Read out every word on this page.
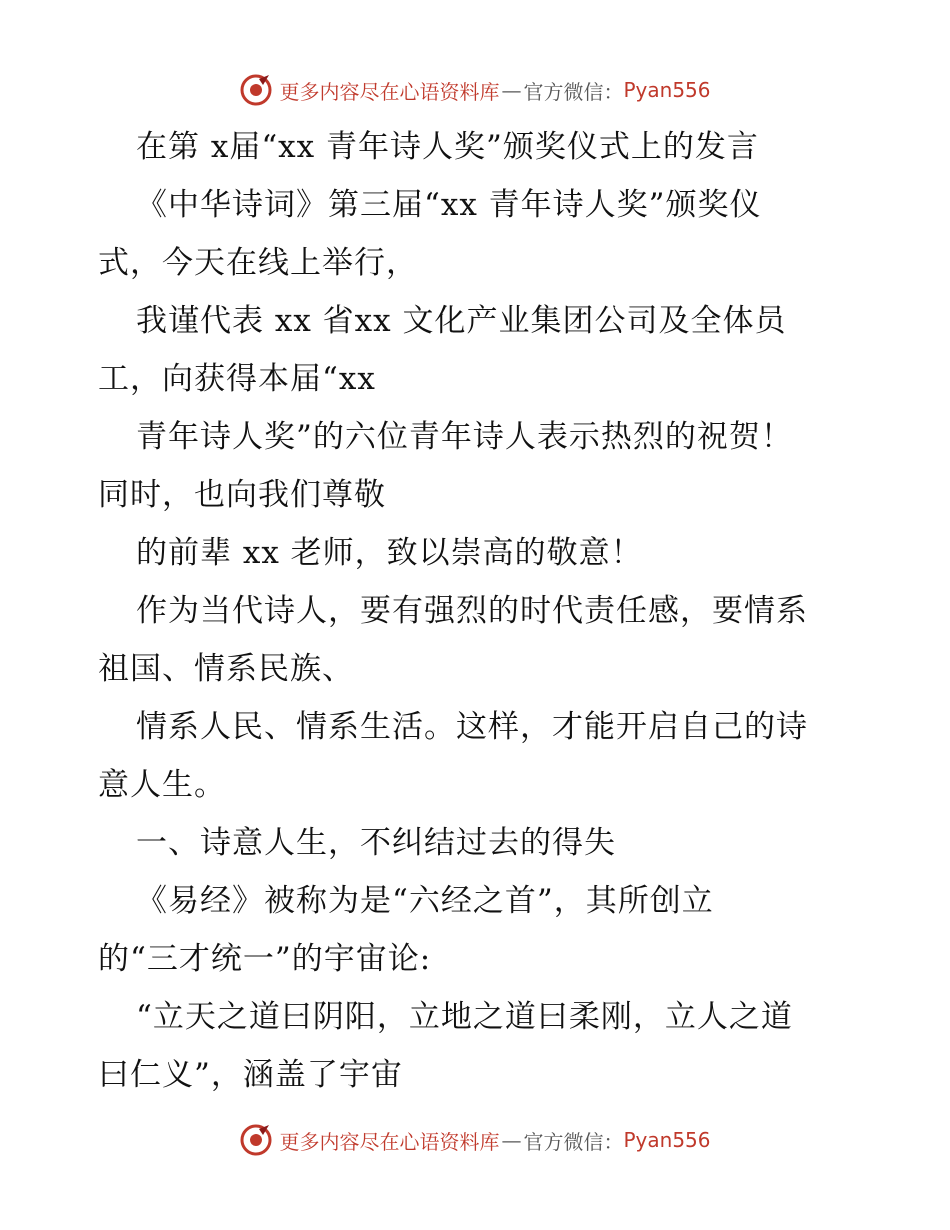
更多内容尽在心语资料库 — 官方微信： Pyan556
在第 x届“xx 青年诗人奖”颁奖仪式上的发言
《中华诗词》第三届“xx 青年诗人奖”颁奖仪
式，今天在线上举行，
我谨代表 xx 省xx 文化产业集团公司及全体员
工，向获得本届“xx
青年诗人奖”的六位青年诗人表示热烈的祝贺！
同时，也向我们尊敬
的前辈 xx 老师，致以崇高的敬意！
作为当代诗人，要有强烈的时代责任感，要情系
祖国、情系民族、
情系人民、情系生活。这样，才能开启自己的诗
意人生。
一、诗意人生，不纠结过去的得失
《易经》被称为是“六经之首”，其所创立
的“三才统一”的宇宙论:
“立天之道曰阴阳，立地之道曰柔刚，立人之道
曰仁义”，涵盖了宇宙
更多内容尽在心语资料库 — 官方微信： Pyan556
